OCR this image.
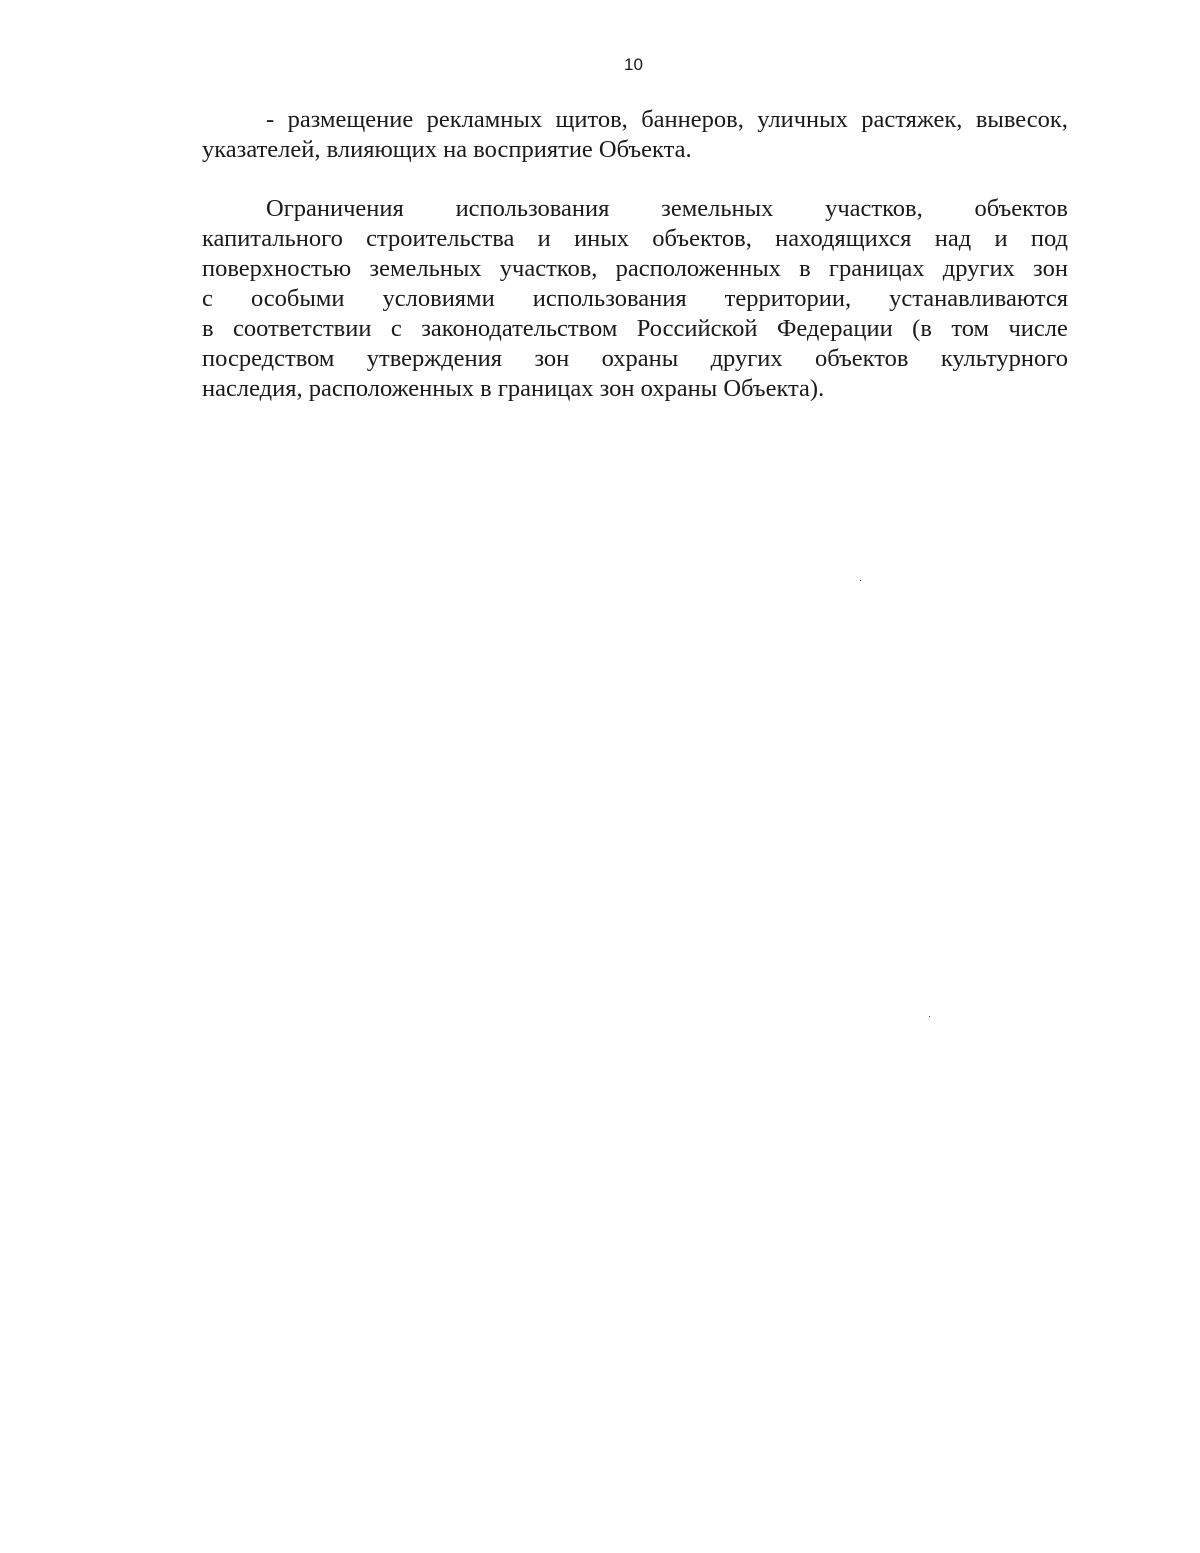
10
- размещение рекламных щитов, баннеров, уличных растяжек, вывесок,
указателей, влияющих на восприятие Объекта.
Ограничения использования земельных участков, объектов
капитального строительства и иных объектов, находящихся над и под
поверхностью земельных участков, расположенных в границах других зон
с особыми условиями использования территории, устанавливаются
в соответствии с законодательством Российской Федерации (в том числе
посредством утверждения зон охраны других объектов культурного
наследия, расположенных в границах зон охраны Объекта).
